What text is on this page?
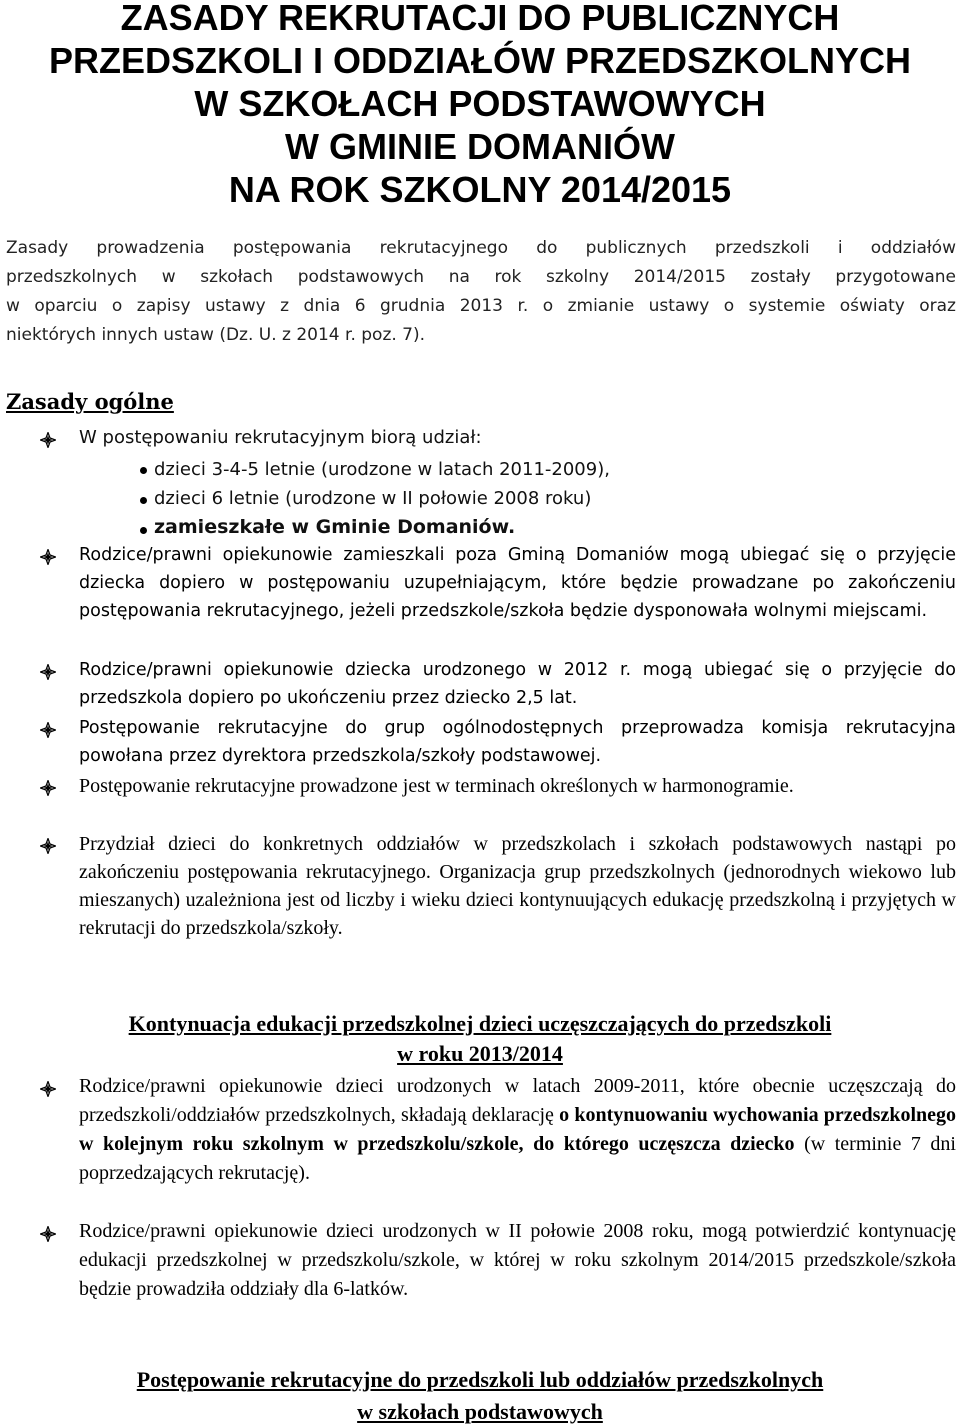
ZASADY REKRUTACJI DO PUBLICZNYCH
PRZEDSZKOLI I ODDZIAŁÓW PRZEDSZKOLNYCH
W SZKOŁACH PODSTAWOWYCH
W GMINIE DOMANIÓW
NA ROK SZKOLNY 2014/2015

Zasady prowadzenia postępowania rekrutacyjnego do publicznych przedszkoli i oddziałów

przedszkolnych w szkołach podstawowych na rok szkolny 2014/2015 zostały przygotowane

w oparciu o zapisy ustawy z dnia 6 grudnia 2013 r. o zmianie ustawy o systemie oświaty oraz

niektórych innych ustaw (Dz. U. z 2014 r. poz. 7).

Zasady ogólne

W postępowaniu rekrutacyjnym biorą udział:

dzieci 3-4-5 letnie (urodzone w latach 2011-2009),

dzieci 6 letnie (urodzone w II połowie 2008 roku)

zamieszkałe w Gminie Domaniów.

Rodzice/prawni opiekunowie zamieszkali poza Gminą Domaniów mogą ubiegać się o przyjęcie dziecka dopiero w postępowaniu uzupełniającym, które będzie prowadzane po zakończeniu postępowania rekrutacyjnego, jeżeli przedszkole/szkoła będzie dysponowała wolnymi miejscami.

Rodzice/prawni opiekunowie dziecka urodzonego w 2012 r. mogą ubiegać się o przyjęcie do przedszkola dopiero po ukończeniu przez dziecko 2,5 lat.

Postępowanie rekrutacyjne do grup ogólnodostępnych przeprowadza komisja rekrutacyjna powołana przez dyrektora przedszkola/szkoły podstawowej.

Postępowanie rekrutacyjne prowadzone jest w terminach określonych w harmonogramie.

Przydział dzieci do konkretnych oddziałów w przedszkolach i szkołach podstawowych nastąpi po zakończeniu postępowania rekrutacyjnego. Organizacja grup przedszkolnych (jednorodnych wiekowo lub mieszanych) uzależniona jest od liczby i wieku dzieci kontynuujących edukację przedszkolną i przyjętych w rekrutacji do przedszkola/szkoły.

Kontynuacja edukacji przedszkolnej dzieci uczęszczających do przedszkoli
w roku 2013/2014

Rodzice/prawni opiekunowie dzieci urodzonych w latach 2009-2011, które obecnie uczęszczają do przedszkoli/oddziałów przedszkolnych, składają deklarację o kontynuowaniu wychowania przedszkolnego w kolejnym roku szkolnym w przedszkolu/szkole, do którego uczęszcza dziecko (w terminie 7 dni poprzedzających rekrutację).

Rodzice/prawni opiekunowie dzieci urodzonych w II połowie 2008 roku, mogą potwierdzić kontynuację edukacji przedszkolnej w przedszkolu/szkole, w której w roku szkolnym 2014/2015 przedszkole/szkoła będzie prowadziła oddziały dla 6-latków.

Postępowanie rekrutacyjne do przedszkoli lub oddziałów przedszkolnych
w szkołach podstawowych
